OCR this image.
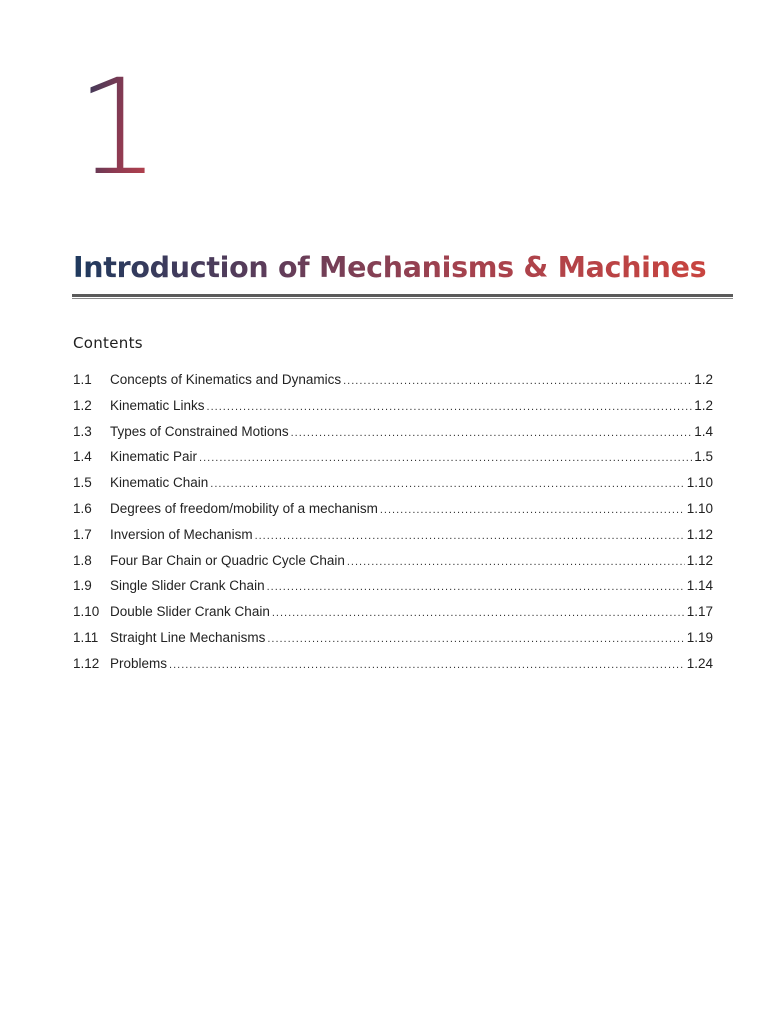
1
Introduction of Mechanisms & Machines
Contents
1.1	Concepts of Kinematics and Dynamics .....	1.2
1.2	Kinematic Links .....	1.2
1.3	Types of Constrained Motions .....	1.4
1.4	Kinematic Pair .....	1.5
1.5	Kinematic Chain .....	1.10
1.6	Degrees of freedom/mobility of a mechanism .....	1.10
1.7	Inversion of Mechanism .....	1.12
1.8	Four Bar Chain or Quadric Cycle Chain .....	1.12
1.9	Single Slider Crank Chain .....	1.14
1.10 Double Slider Crank Chain .....	1.17
1.11 Straight Line Mechanisms .....	1.19
1.12 Problems .....	1.24
